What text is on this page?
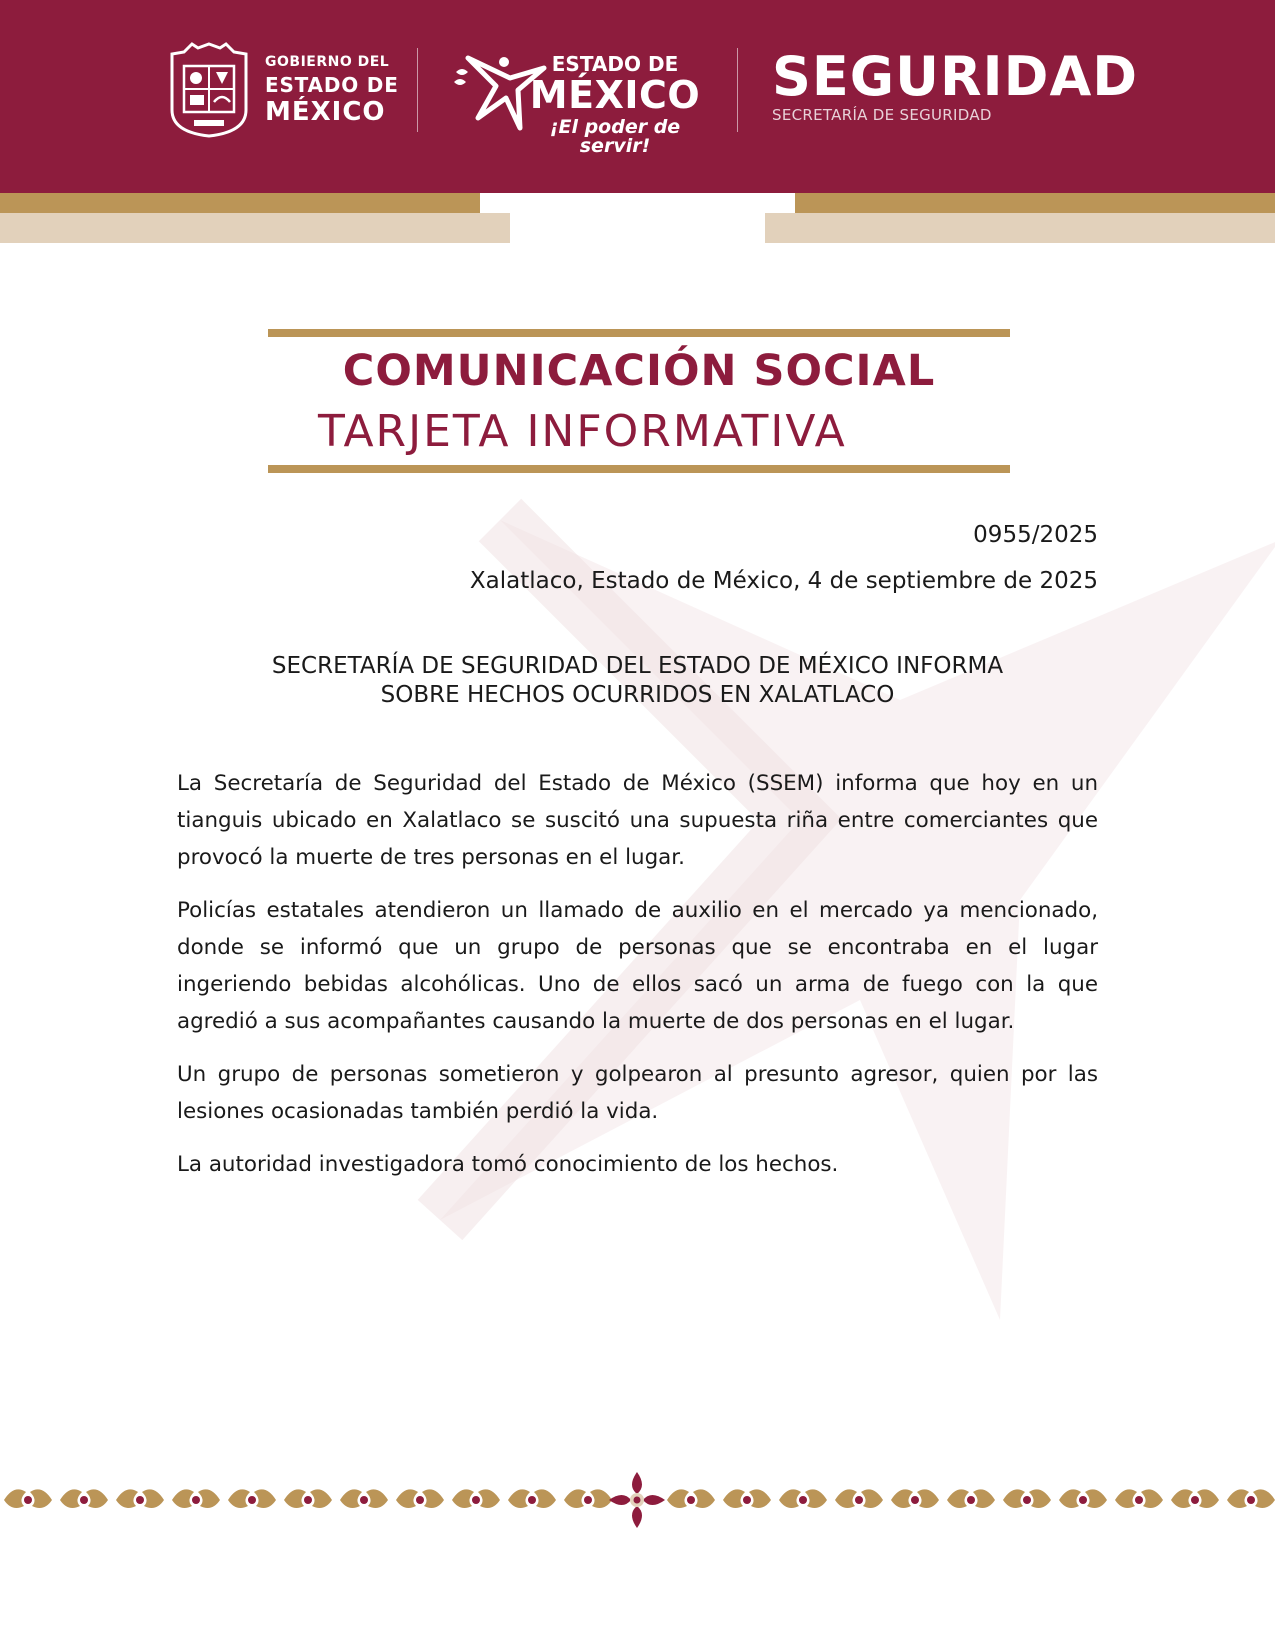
GOBIERNO DEL
ESTADO DE
MÉXICO
ESTADO DE
MÉXICO
¡El poder de servir!
SEGURIDAD
SECRETARÍA DE SEGURIDAD
COMUNICACIÓN SOCIAL
TARJETA INFORMATIVA
0955/2025
Xalatlaco, Estado de México, 4 de septiembre de 2025
SECRETARÍA DE SEGURIDAD DEL ESTADO DE MÉXICO INFORMA
SOBRE HECHOS OCURRIDOS EN XALATLACO

La Secretaría de Seguridad del Estado de México (SSEM) informa que hoy en un tianguis ubicado en Xalatlaco se suscitó una supuesta riña entre comerciantes que provocó la muerte de tres personas en el lugar.

Policías estatales atendieron un llamado de auxilio en el mercado ya mencionado, donde se informó que un grupo de personas que se encontraba en el lugar ingeriendo bebidas alcohólicas. Uno de ellos sacó un arma de fuego con la que agredió a sus acompañantes causando la muerte de dos personas en el lugar.

Un grupo de personas sometieron y golpearon al presunto agresor, quien por las lesiones ocasionadas también perdió la vida.

La autoridad investigadora tomó conocimiento de los hechos.
